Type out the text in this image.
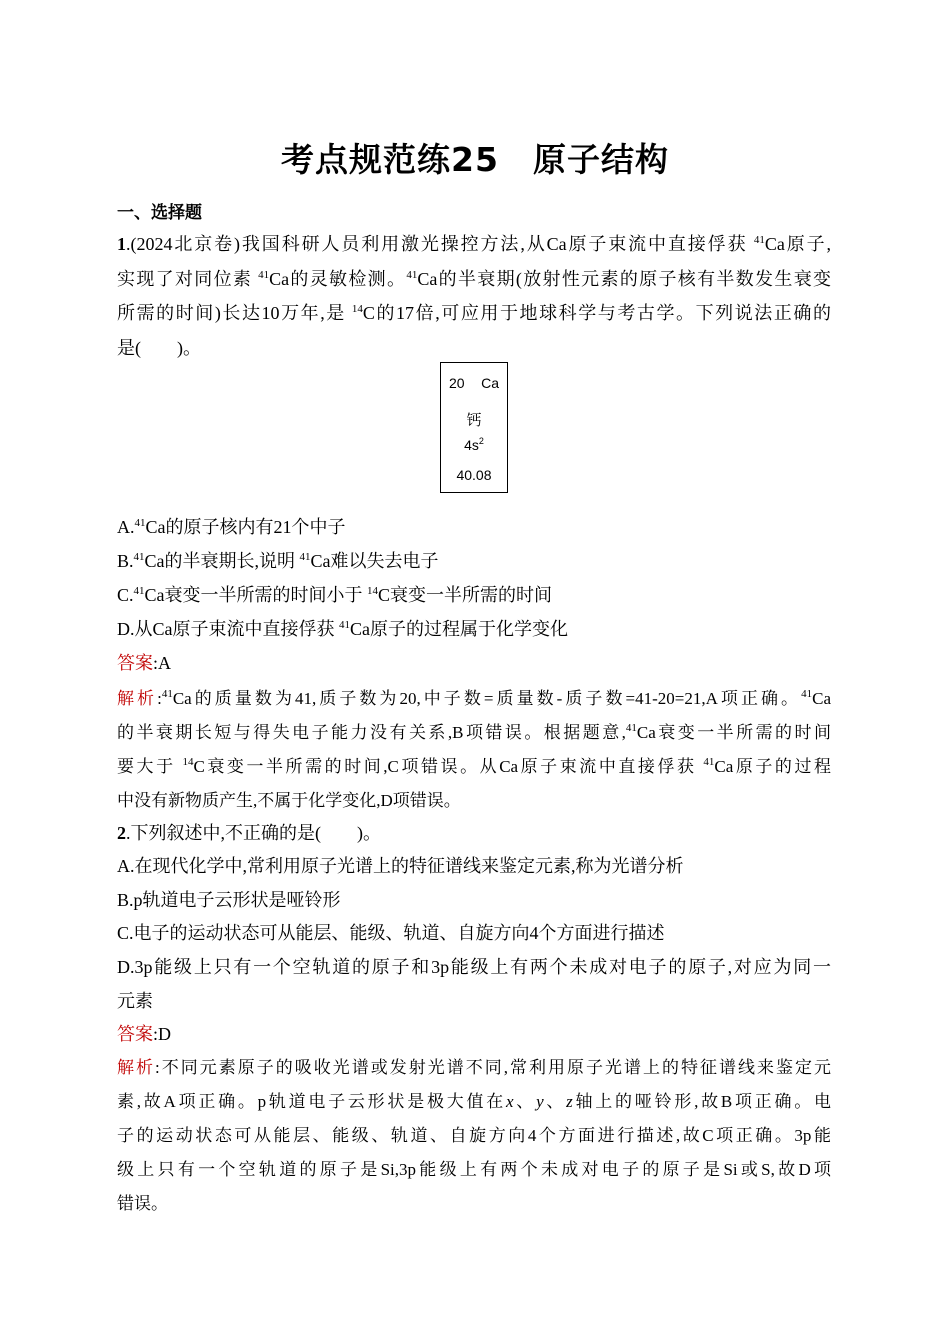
考点规范练25　原子结构
一、选择题
1.(2024北京卷)我国科研人员利用激光操控方法,从Ca原子束流中直接俘获 $^{41}$Ca原子,
实现了对同位素 $^{41}$Ca的灵敏检测。$^{41}$Ca的半衰期(放射性元素的原子核有半数发生衰变
所需的时间)长达10万年,是 $^{14}$C的17倍,可应用于地球科学与考古学。下列说法正确的
是(　　)。
20 Ca
钙
$4s^2$
40.08
A.$^{41}$Ca的原子核内有21个中子
B.$^{41}$Ca的半衰期长,说明 $^{41}$Ca难以失去电子
C.$^{41}$Ca衰变一半所需的时间小于 $^{14}$C衰变一半所需的时间
D.从Ca原子束流中直接俘获 $^{41}$Ca原子的过程属于化学变化
答案:A
解析:$^{41}$Ca的质量数为41,质子数为20,中子数=质量数-质子数=41-20=21,A项正确。$^{41}$Ca
的半衰期长短与得失电子能力没有关系,B项错误。根据题意,$^{41}$Ca衰变一半所需的时间
要大于 $^{14}$C衰变一半所需的时间,C项错误。从Ca原子束流中直接俘获 $^{41}$Ca原子的过程
中没有新物质产生,不属于化学变化,D项错误。
2.下列叙述中,不正确的是(　　)。
A.在现代化学中,常利用原子光谱上的特征谱线来鉴定元素,称为光谱分析
B.p轨道电子云形状是哑铃形
C.电子的运动状态可从能层、能级、轨道、自旋方向4个方面进行描述
D.3p能级上只有一个空轨道的原子和3p能级上有两个未成对电子的原子,对应为同一
元素
答案:D
解析:不同元素原子的吸收光谱或发射光谱不同,常利用原子光谱上的特征谱线来鉴定元
素,故A项正确。p轨道电子云形状是极大值在x、y、z轴上的哑铃形,故B项正确。电
子的运动状态可从能层、能级、轨道、自旋方向4个方面进行描述,故C项正确。3p能
级上只有一个空轨道的原子是Si,3p能级上有两个未成对电子的原子是Si或S,故D项
错误。
